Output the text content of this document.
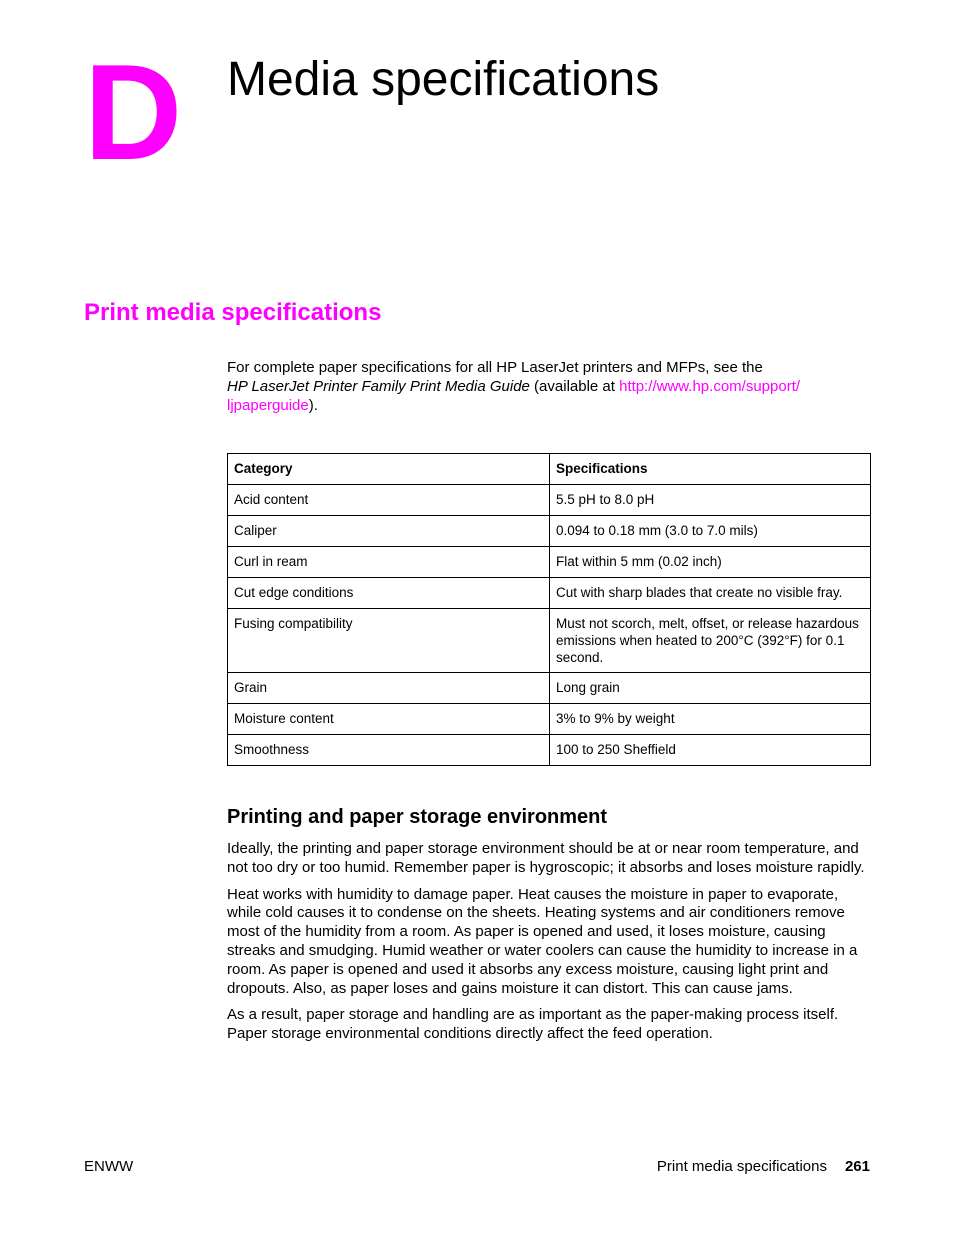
D Media specifications
Print media specifications

For complete paper specifications for all HP LaserJet printers and MFPs, see the
HP LaserJet Printer Family Print Media Guide (available at http://www.hp.com/support/
ljpaperguide).

Category	Specifications
Acid content	5.5 pH to 8.0 pH
Caliper	0.094 to 0.18 mm (3.0 to 7.0 mils)
Curl in ream	Flat within 5 mm (0.02 inch)
Cut edge conditions	Cut with sharp blades that create no visible fray.
Fusing compatibility	Must not scorch, melt, offset, or release hazardous emissions when heated to 200°C (392°F) for 0.1 second.
Grain	Long grain
Moisture content	3% to 9% by weight
Smoothness	100 to 250 Sheffield
Printing and paper storage environment

Ideally, the printing and paper storage environment should be at or near room temperature, and not too dry or too humid. Remember paper is hygroscopic; it absorbs and loses moisture rapidly.

Heat works with humidity to damage paper. Heat causes the moisture in paper to evaporate, while cold causes it to condense on the sheets. Heating systems and air conditioners remove most of the humidity from a room. As paper is opened and used, it loses moisture, causing streaks and smudging. Humid weather or water coolers can cause the humidity to increase in a room. As paper is opened and used it absorbs any excess moisture, causing light print and dropouts. Also, as paper loses and gains moisture it can distort. This can cause jams.

As a result, paper storage and handling are as important as the paper-making process itself. Paper storage environmental conditions directly affect the feed operation.

ENWW	Print media specifications 261
